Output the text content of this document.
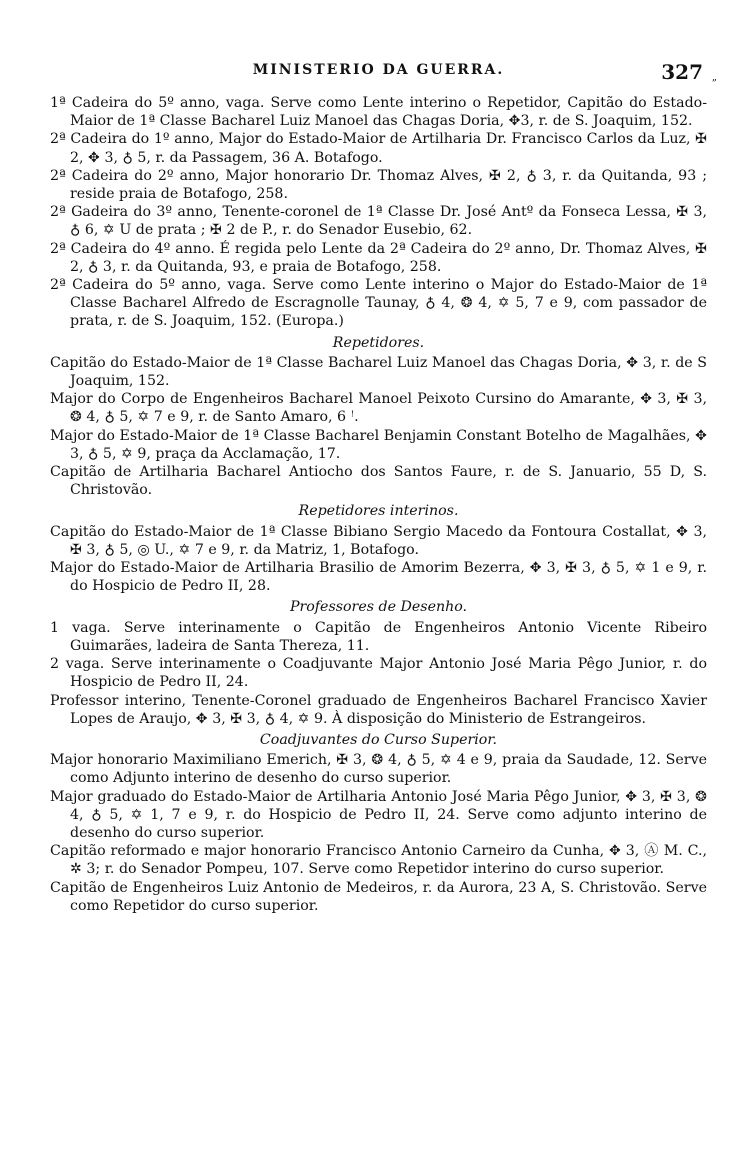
MINISTERIO DA GUERRA.	327 „

1ª Cadeira do 5º anno, vaga. Serve como Lente interino o Repetidor, Capitão do Estado-Maior de 1ª Classe Bacharel Luiz Manoel das Chagas Doria, ✥3, r. de S. Joaquim, 152.

2ª Cadeira do 1º anno, Major do Estado-Maior de Artilharia Dr. Francisco Carlos da Luz, ✠ 2, ✥ 3, ♁ 5, r. da Passagem, 36 A. Botafogo.

2ª Cadeira do 2º anno, Major honorario Dr. Thomaz Alves, ✠ 2, ♁ 3, r. da Quitanda, 93 ; reside praia de Botafogo, 258.

2ª Gadeira do 3º anno, Tenente-coronel de 1ª Classe Dr. José Antº da Fonseca Lessa, ✠ 3, ♁ 6, ✡ U de prata ; ✠ 2 de P., r. do Senador Eusebio, 62.

2ª Cadeira do 4º anno. É regida pelo Lente da 2ª Cadeira do 2º anno, Dr. Thomaz Alves, ✠ 2, ♁ 3, r. da Quitanda, 93, e praia de Botafogo, 258.

2ª Cadeira do 5º anno, vaga. Serve como Lente interino o Major do Estado-Maior de 1ª Classe Bacharel Alfredo de Escragnolle Taunay, ♁ 4, ❂ 4, ✡ 5, 7 e 9, com passador de prata, r. de S. Joaquim, 152. (Europa.)

Repetidores.

Capitão do Estado-Maior de 1ª Classe Bacharel Luiz Manoel das Chagas Doria, ✥ 3, r. de S Joaquim, 152.

Major do Corpo de Engenheiros Bacharel Manoel Peixoto Cursino do Amarante, ✥ 3, ✠ 3, ❂ 4, ♁ 5, ✡ 7 e 9, r. de Santo Amaro, 6 ꜝ.

Major do Estado-Maior de 1ª Classe Bacharel Benjamin Constant Botelho de Magalhães, ✥ 3, ♁ 5, ✡ 9, praça da Acclamação, 17.

Capitão de Artilharia Bacharel Antiocho dos Santos Faure, r. de S. Januario, 55 D, S. Christovão.

Repetidores interinos.

Capitão do Estado-Maior de 1ª Classe Bibiano Sergio Macedo da Fontoura Costallat, ✥ 3, ✠ 3, ♁ 5, ◎ U., ✡ 7 e 9, r. da Matriz, 1, Botafogo.

Major do Estado-Maior de Artilharia Brasilio de Amorim Bezerra, ✥ 3, ✠ 3, ♁ 5, ✡ 1 e 9, r. do Hospicio de Pedro II, 28.

Professores de Desenho.

1 vaga. Serve interinamente o Capitão de Engenheiros Antonio Vicente Ribeiro Guimarães, ladeira de Santa Thereza, 11.

2 vaga. Serve interinamente o Coadjuvante Major Antonio José Maria Pêgo Junior, r. do Hospicio de Pedro II, 24.

Professor interino, Tenente-Coronel graduado de Engenheiros Bacharel Francisco Xavier Lopes de Araujo, ✥ 3, ✠ 3, ♁ 4, ✡ 9. À disposição do Ministerio de Estrangeiros.

Coadjuvantes do Curso Superior.

Major honorario Maximiliano Emerich, ✠ 3, ❂ 4, ♁ 5, ✡ 4 e 9, praia da Saudade, 12. Serve como Adjunto interino de desenho do curso superior.

Major graduado do Estado-Maior de Artilharia Antonio José Maria Pêgo Junior, ✥ 3, ✠ 3, ❂ 4, ♁ 5, ✡ 1, 7 e 9, r. do Hospicio de Pedro II, 24. Serve como adjunto interino de desenho do curso superior.

Capitão reformado e major honorario Francisco Antonio Carneiro da Cunha, ✥ 3, Ⓐ M. C., ✲ 3; r. do Senador Pompeu, 107. Serve como Repetidor interino do curso superior.

Capitão de Engenheiros Luiz Antonio de Medeiros, r. da Aurora, 23 A, S. Christovão. Serve como Repetidor do curso superior.
